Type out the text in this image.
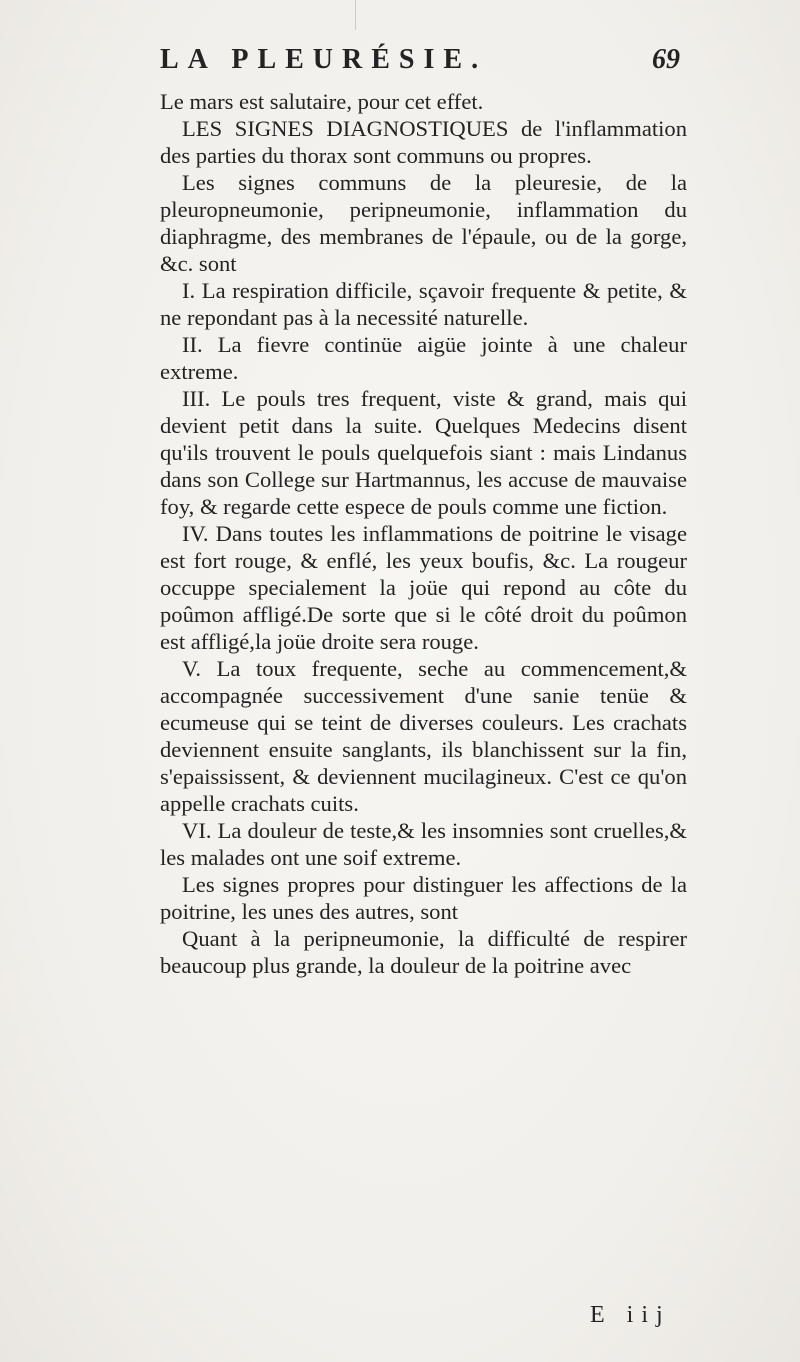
LA PLEURÉSIE.	69

Le mars est salutaire, pour cet effet.

LES SIGNES DIAGNOSTIQUES de l'inflammation des parties du thorax sont communs ou propres.

Les signes communs de la pleuresie, de la pleuropneumonie, peripneumonie, inflammation du diaphragme, des membranes de l'épaule, ou de la gorge, &c. sont

I. La respiration difficile, sçavoir frequente & petite, & ne repondant pas à la necessité naturelle.

II. La fievre continüe aigüe jointe à une chaleur extreme.

III. Le pouls tres frequent, viste & grand, mais qui devient petit dans la suite. Quelques Medecins disent qu'ils trouvent le pouls quelquefois siant : mais Lindanus dans son College sur Hartmannus, les accuse de mauvaise foy, & regarde cette espece de pouls comme une fiction.

IV. Dans toutes les inflammations de poitrine le visage est fort rouge, & enflé, les yeux boufis, &c. La rougeur occuppe specialement la joüe qui repond au côte du poûmon affligé.De sorte que si le côté droit du poûmon est affligé,la joüe droite sera rouge.

V. La toux frequente, seche au commencement,& accompagnée successivement d'une sanie tenüe & ecumeuse qui se teint de diverses couleurs. Les crachats deviennent ensuite sanglants, ils blanchissent sur la fin, s'epaississent, & deviennent mucilagineux. C'est ce qu'on appelle crachats cuits.

VI. La douleur de teste,& les insomnies sont cruelles,& les malades ont une soif extreme.

Les signes propres pour distinguer les affections de la poitrine, les unes des autres, sont

Quant à la peripneumonie, la difficulté de respirer beaucoup plus grande, la douleur de la poitrine avec

E iij
